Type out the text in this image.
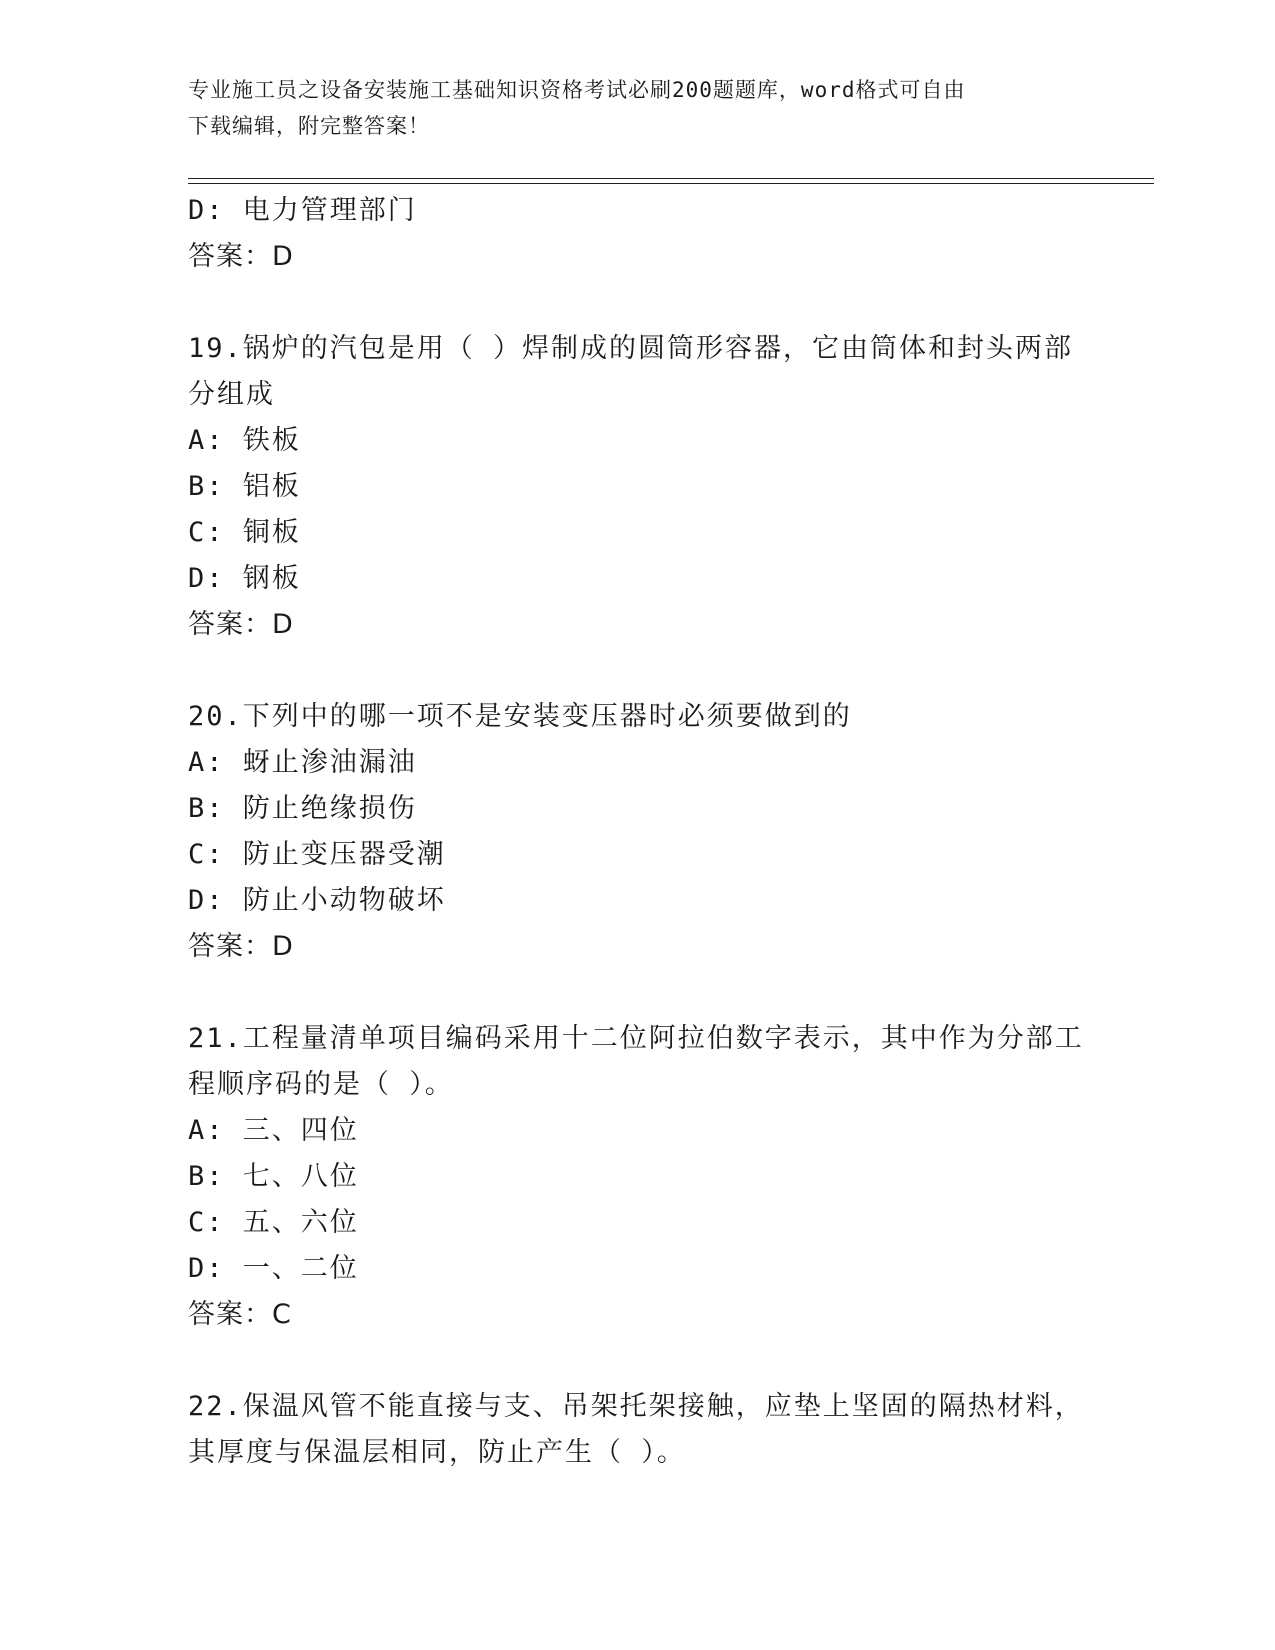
专业施工员之设备安装施工基础知识资格考试必刷200题题库，word格式可自由
下载编辑，附完整答案！
D: 电力管理部门
答案：D
19.锅炉的汽包是用（ ）焊制成的圆筒形容器，它由筒体和封头两部
分组成
A: 铁板
B: 铝板
C: 铜板
D: 钢板
答案：D
20.下列中的哪一项不是安装变压器时必须要做到的
A: 蚜止渗油漏油
B: 防止绝缘损伤
C: 防止变压器受潮
D: 防止小动物破坏
答案：D
21.工程量清单项目编码采用十二位阿拉伯数字表示，其中作为分部工
程顺序码的是（ ）。
A: 三、四位
B: 七、八位
C: 五、六位
D: 一、二位
答案：C
22.保温风管不能直接与支、吊架托架接触，应垫上坚固的隔热材料，
其厚度与保温层相同，防止产生（ ）。
